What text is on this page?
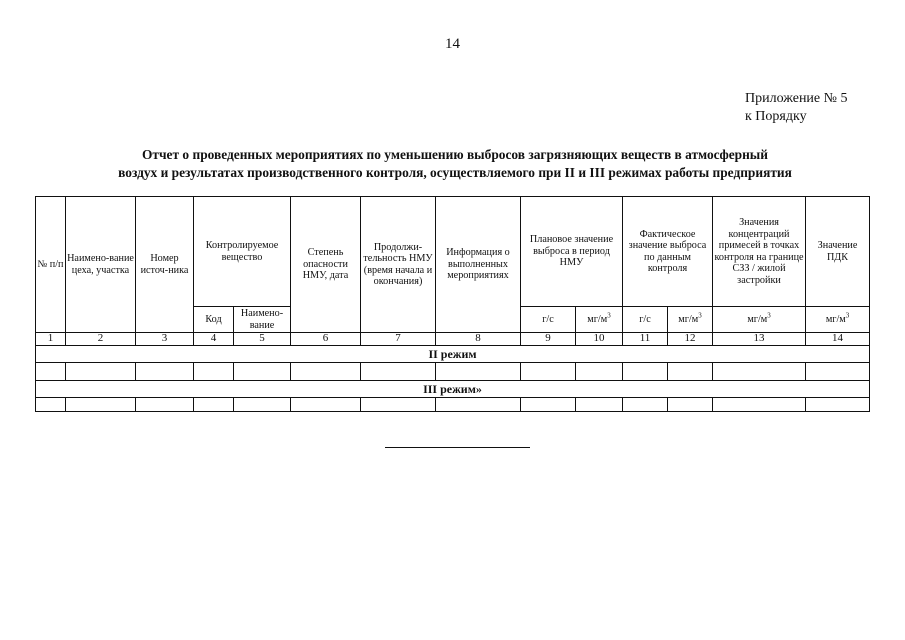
14
Приложение № 5
к Порядку
Отчет о проведенных мероприятиях по уменьшению выбросов загрязняющих веществ в атмосферный
воздух и результатах производственного контроля, осуществляемого при II и III режимах работы предприятия
№ п/п	Наимено-вание цеха, участка	Номер источ-ника	Контролируемое вещество		Степень опасности НМУ, дата	Продолжи-тельность НМУ (время начала и окончания)	Информация о выполненных мероприятиях	Плановое значение выброса в период НМУ		Фактическое значение выброса по данным контроля		Значения концентраций примесей в точках контроля на границе СЗЗ / жилой застройки	Значение ПДК
			Код	Наимено-вание				г/с	$мг/м^3$	г/с	$мг/м^3$	$мг/м^3$	$мг/м^3$
1	2	3	4	5	6	7	8	9	10	11	12	13	14
II режим													

III режим»													
